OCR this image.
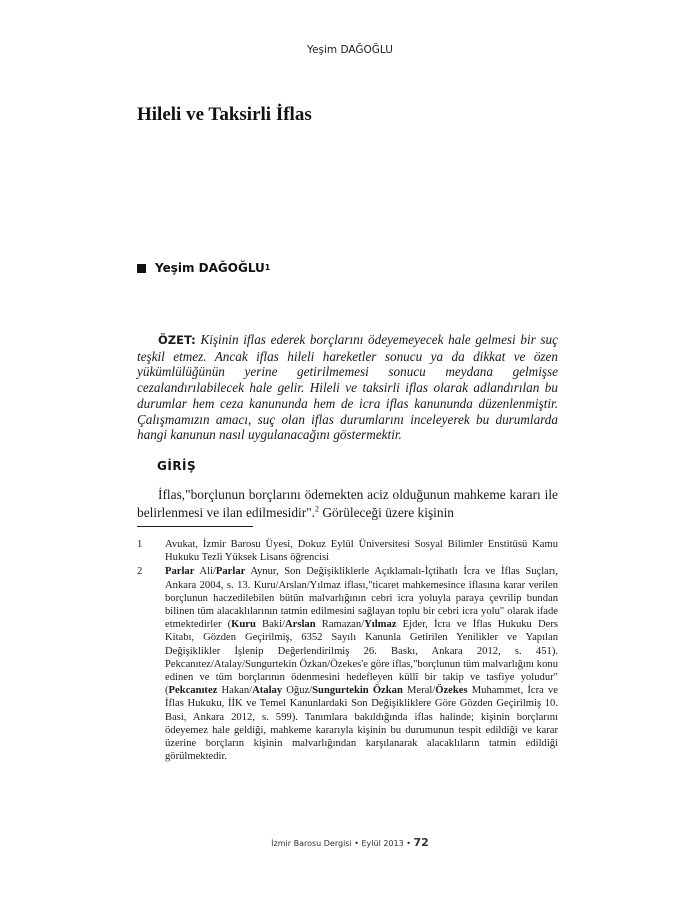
Yeşim DAĞOĞLU
Hileli ve Taksirli İflas
Yeşim DAĞOĞLU 1

ÖZET: Kişinin iflas ederek borçlarını ödeyemeyecek hale gelmesi bir suç teşkil etmez. Ancak iflas hileli hareketler sonucu ya da dikkat ve özen yükümlülüğünün yerine getirilmemesi sonucu meydana gelmişse cezalandırılabilecek hale gelir. Hileli ve taksirli iflas olarak adlandırılan bu durumlar hem ceza kanununda hem de icra iflas kanununda düzenlenmiştir. Çalışmamızın amacı, suç olan iflas durumlarını inceleyerek bu durumlarda hangi kanunun nasıl uygulanacağını göstermektir.

GİRİŞ

İflas,"borçlunun borçlarını ödemekten aciz olduğunun mahkeme kararı ile belirlenmesi ve ilan edilmesidir".$^2$ Görüleceği üzere kişinin

1	Avukat, İzmir Barosu Üyesi, Dokuz Eylül Üniversitesi Sosyal Bilimler Enstitüsü Kamu Hukuku Tezli Yüksek Lisans öğrencisi
2	Parlar Ali/Parlar Aynur, Son Değişikliklerle Açıklamalı-İçtihatlı İcra ve İflas Suçları, Ankara 2004, s. 13. Kuru/Arslan/Yılmaz iflası,"ticaret mahkemesince iflasına karar verilen borçlunun haczedilebilen bütün malvarlığının cebri icra yoluyla paraya çevrilip bundan bilinen tüm alacaklılarının tatmin edilmesini sağlayan toplu bir cebri icra yolu" olarak ifade etmektedirler (Kuru Baki/Arslan Ramazan/Yılmaz Ejder, İcra ve İflas Hukuku Ders Kitabı, Gözden Geçirilmiş, 6352 Sayılı Kanunla Getirilen Yenilikler ve Yapılan Değişiklikler İşlenip Değerlendirilmiş 26. Baskı, Ankara 2012, s. 451). Pekcanıtez/Atalay/Sungurtekin Özkan/Özekes'e göre iflas,"borçlunun tüm malvarlığını konu edinen ve tüm borçlarının ödenmesini hedefleyen küllî bir takip ve tasfiye yoludur" (Pekcanıtez Hakan/Atalay Oğuz/Sungurtekin Özkan Meral/Özekes Muhammet, İcra ve İflas Hukuku, İİK ve Temel Kanunlardaki Son Değişikliklere Göre Gözden Geçirilmiş 10. Basi, Ankara 2012, s. 599). Tanımlara bakıldığında iflas halinde; kişinin borçlarını ödeyemez hale geldiği, mahkeme kararıyla kişinin bu durumunun tespit edildiği ve karar üzerine borçların kişinin malvarlığından karşılanarak alacaklıların tatmin edildiği görülmektedir.
İzmir Barosu Dergisi • Eylül 2013 • 72
